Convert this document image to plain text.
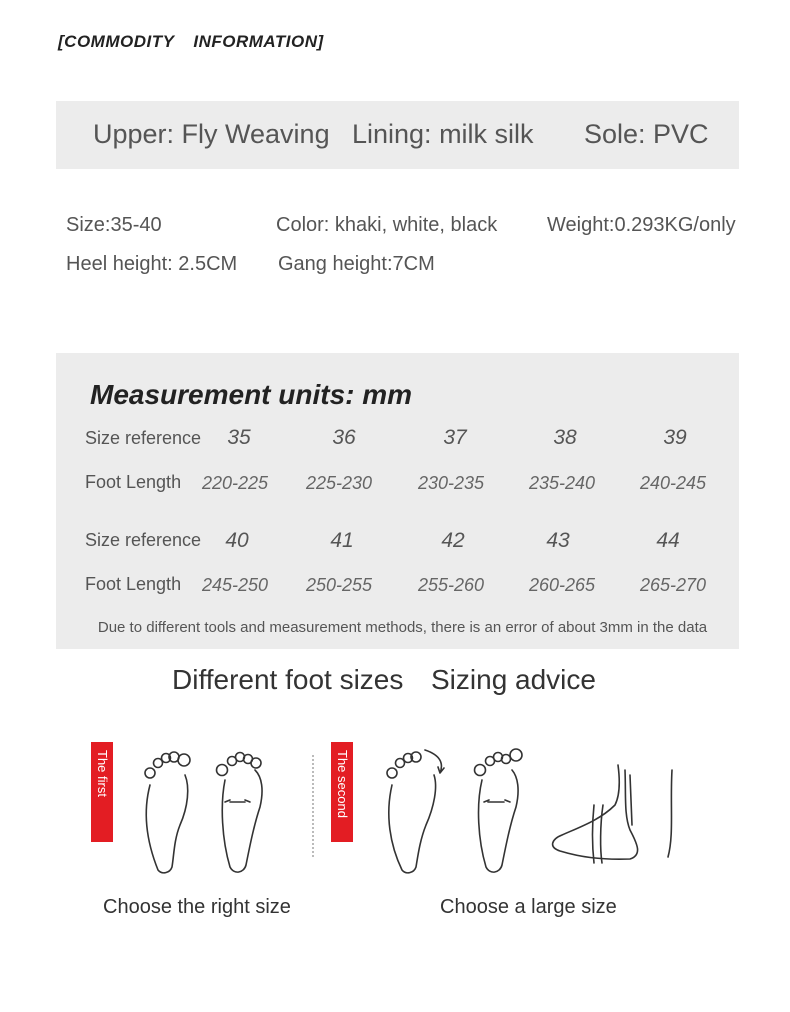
[COMMODITY INFORMATION]
Upper: Fly Weaving Lining: milk silk Sole: PVC
Size:35-40	Color: khaki, white, black Weight:0.293KG/only
Heel height: 2.5CM Gang height:7CM
Measurement units: mm
Size reference	35	36	37	38	39
Foot Length	220-225	225-230	230-235	235-240	240-245
Size reference	40	41	42	43	44
Foot Length	245-250	250-255	255-260	260-265	265-270
Due to different tools and measurement methods, there is an error of about 3mm in the data
Different foot sizes Sizing advice
The first	The second
Choose the right size	Choose a large size
